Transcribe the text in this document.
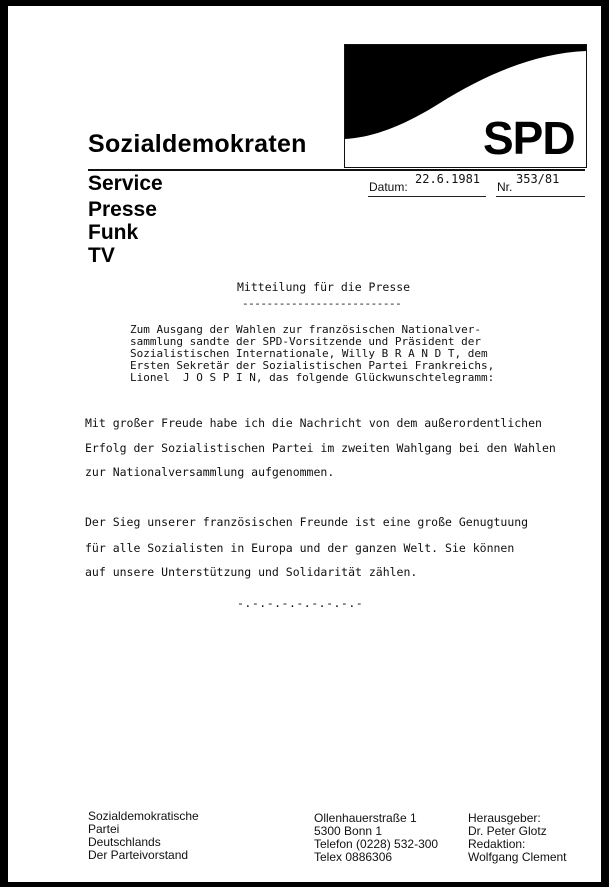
SPD
Sozialdemokraten
Service
Presse
Funk
TV
Datum:
22.6.1981
Nr.
353/81
Mitteilung für die Presse
--------------------------
Zum Ausgang der Wahlen zur französischen Nationalver-
sammlung sandte der SPD-Vorsitzende und Präsident der
Sozialistischen Internationale, Willy B R A N D T, dem
Ersten Sekretär der Sozialistischen Partei Frankreichs,
Lionel  J O S P I N, das folgende Glückwunschtelegramm:
Mit großer Freude habe ich die Nachricht von dem außerordentlichen
Erfolg der Sozialistischen Partei im zweiten Wahlgang bei den Wahlen
zur Nationalversammlung aufgenommen.
Der Sieg unserer französischen Freunde ist eine große Genugtuung
für alle Sozialisten in Europa und der ganzen Welt. Sie können
auf unsere Unterstützung und Solidarität zählen.
-.-.-.-.-.-.-.-.-
Sozialdemokratische
Partei
Deutschlands
Der Parteivorstand
Ollenhauerstraße 1
5300 Bonn 1
Telefon (0228) 532-300
Telex 0886306
Herausgeber:
Dr. Peter Glotz
Redaktion:
Wolfgang Clement
